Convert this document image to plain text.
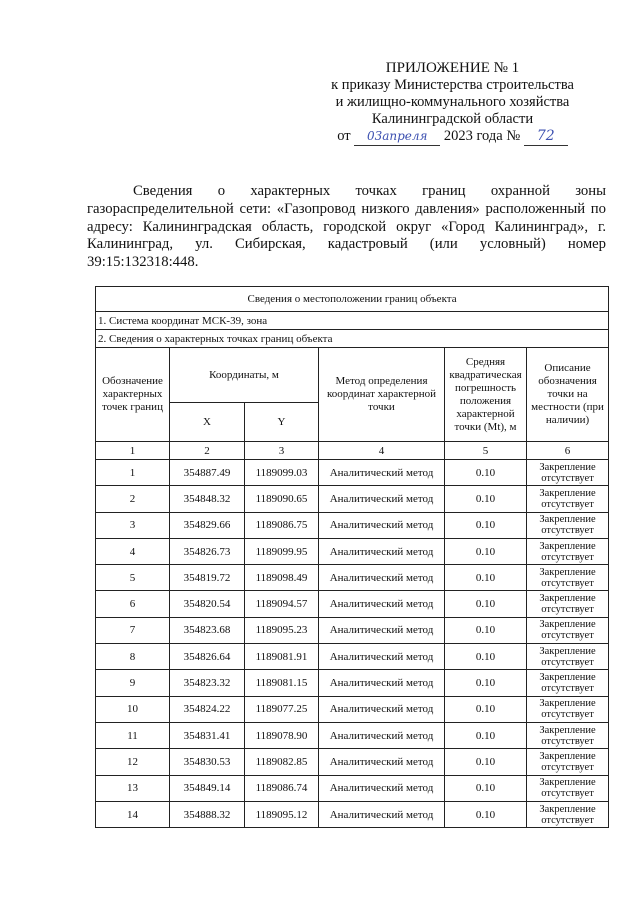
ПРИЛОЖЕНИЕ № 1
к приказу Министерства строительства
и жилищно-коммунального хозяйства
Калининградской области
от 03апреля 2023 года № 72

Сведения о характерных точках границ охранной зоны газораспределительной сети: «Газопровод низкого давления» расположенный по адресу: Калининградская область, городской округ «Город Калининград», г. Калининград, ул. Сибирская, кадастровый (или условный) номер 39:15:132318:448.

Сведения о местоположении границ объекта					
1. Система координат МСК-39, зона					
2. Сведения о характерных точках границ объекта					
Обозначение характерных точек границ	Координаты, м		Метод определения координат характерной точки	Средняя квадратическая погрешность положения характерной точки (Mt), м	Описание обозначения точки на местности (при наличии)
	X	Y			
1	2	3	4	5	6
1	354887.49	1189099.03	Аналитический метод	0.10	Закрепление отсутствует
2	354848.32	1189090.65	Аналитический метод	0.10	Закрепление отсутствует
3	354829.66	1189086.75	Аналитический метод	0.10	Закрепление отсутствует
4	354826.73	1189099.95	Аналитический метод	0.10	Закрепление отсутствует
5	354819.72	1189098.49	Аналитический метод	0.10	Закрепление отсутствует
6	354820.54	1189094.57	Аналитический метод	0.10	Закрепление отсутствует
7	354823.68	1189095.23	Аналитический метод	0.10	Закрепление отсутствует
8	354826.64	1189081.91	Аналитический метод	0.10	Закрепление отсутствует
9	354823.32	1189081.15	Аналитический метод	0.10	Закрепление отсутствует
10	354824.22	1189077.25	Аналитический метод	0.10	Закрепление отсутствует
11	354831.41	1189078.90	Аналитический метод	0.10	Закрепление отсутствует
12	354830.53	1189082.85	Аналитический метод	0.10	Закрепление отсутствует
13	354849.14	1189086.74	Аналитический метод	0.10	Закрепление отсутствует
14	354888.32	1189095.12	Аналитический метод	0.10	Закрепление отсутствует
